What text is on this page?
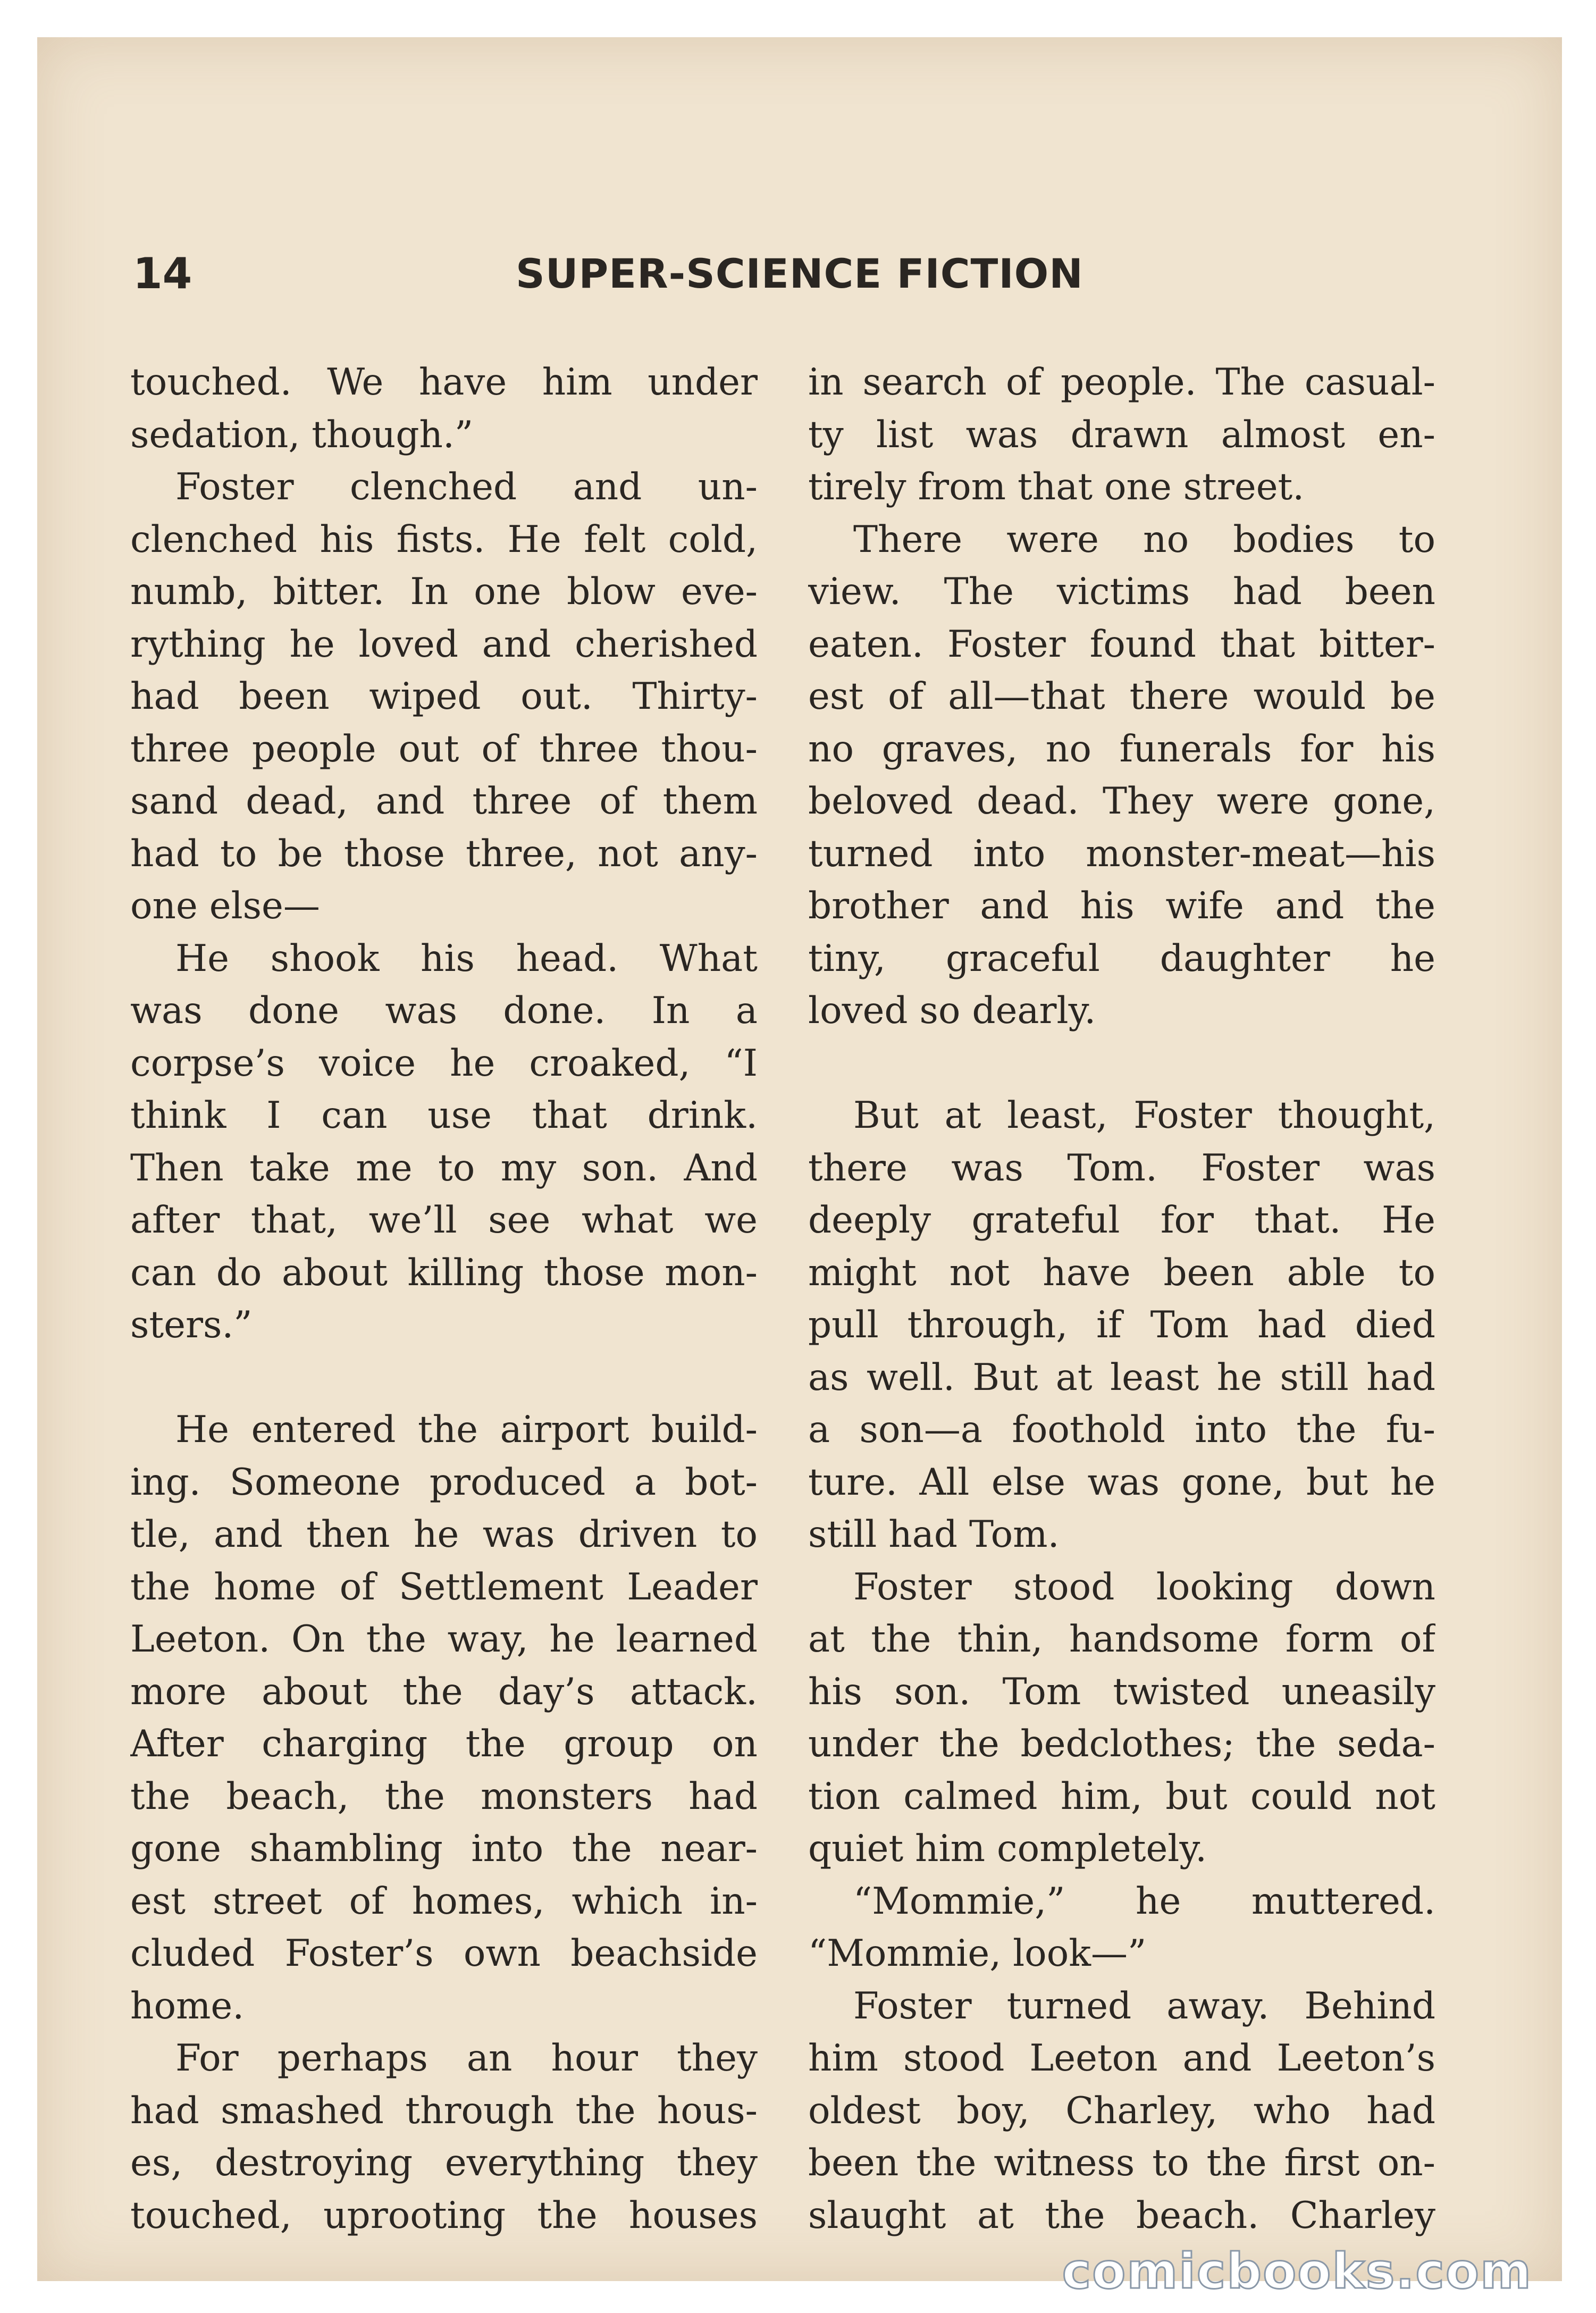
14	SUPER-SCIENCE FICTION
touched. We have him under
sedation, though.”
Foster clenched and un-
clenched his fists. He felt cold,
numb, bitter. In one blow eve-
rything he loved and cherished
had been wiped out. Thirty-
three people out of three thou-
sand dead, and three of them
had to be those three, not any-
one else—
He shook his head. What
was done was done. In a
corpse’s voice he croaked, “I
think I can use that drink.
Then take me to my son. And
after that, we’ll see what we
can do about killing those mon-
sters.”
He entered the airport build-
ing. Someone produced a bot-
tle, and then he was driven to
the home of Settlement Leader
Leeton. On the way, he learned
more about the day’s attack.
After charging the group on
the beach, the monsters had
gone shambling into the near-
est street of homes, which in-
cluded Foster’s own beachside
home.
For perhaps an hour they
had smashed through the hous-
es, destroying everything they
touched, uprooting the houses
in search of people. The casual-
ty list was drawn almost en-
tirely from that one street.
There were no bodies to
view. The victims had been
eaten. Foster found that bitter-
est of all—that there would be
no graves, no funerals for his
beloved dead. They were gone,
turned into monster-meat—his
brother and his wife and the
tiny, graceful daughter he
loved so dearly.
But at least, Foster thought,
there was Tom. Foster was
deeply grateful for that. He
might not have been able to
pull through, if Tom had died
as well. But at least he still had
a son—a foothold into the fu-
ture. All else was gone, but he
still had Tom.
Foster stood looking down
at the thin, handsome form of
his son. Tom twisted uneasily
under the bedclothes; the seda-
tion calmed him, but could not
quiet him completely.
“Mommie,” he muttered.
“Mommie, look—”
Foster turned away. Behind
him stood Leeton and Leeton’s
oldest boy, Charley, who had
been the witness to the first on-
slaught at the beach. Charley
comicbooks.com
